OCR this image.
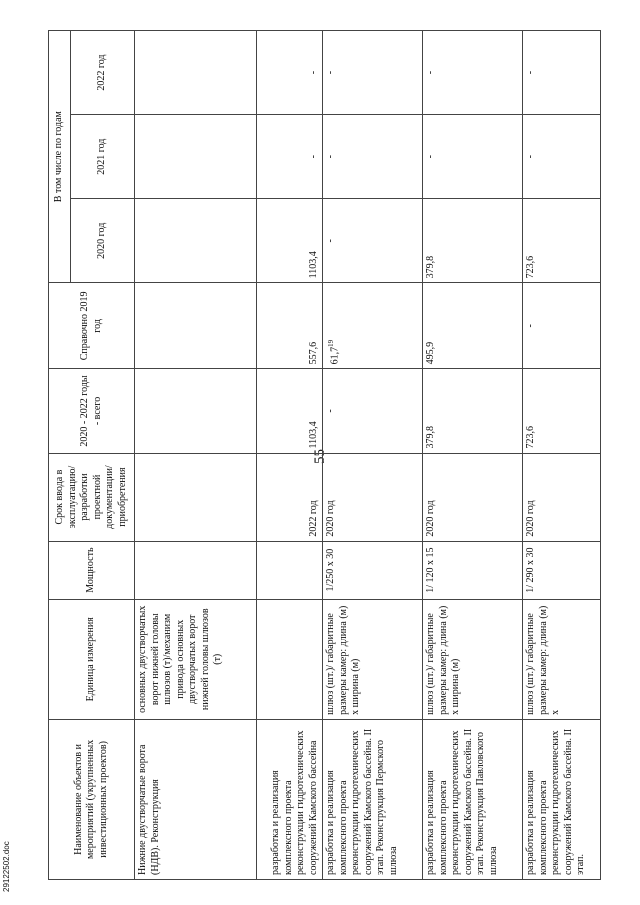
55
Наименование объектов и мероприятий (укрупненных инвестиционных проектов)	Единица измерения	Мощность	Срок ввода в эксплуатацию/ разработки проектной документации/ приобретения	2020 - 2022 годы - всего	Справочно 2019 год	В том числе по годам		
						2020 год	2021 год	2022 год
Нижние двустворчатые ворота (НДВ). Реконструкция	основных двустворчатых ворот нижней головы шлюзов (т)/механизм привода основных двустворчатых ворот нижней головы шлюзов (т)							
разработка и реализация комплексного проекта реконструкции гидротехнических сооружений Камского бассейна			2022 год	1103,4	557,6	1103,4	-	-
разработка и реализация комплексного проекта реконструкции гидротехнических сооружений Камского бассейна. II этап. Реконструкция Пермского шлюза	шлюз (шт.)/ габаритные размеры камер: длина (м) x ширина (м)	1/250 x 30	2020 год	-	61,7$^{19}$	-	-	-
разработка и реализация комплексного проекта реконструкции гидротехнических сооружений Камского бассейна. II этап. Реконструкция Павловского шлюза	шлюз (шт.)/ габаритные размеры камер: длина (м) x ширина (м)	1/ 120 x 15	2020 год	379,8	495,9	379,8	-	-
разработка и реализация комплексного проекта реконструкции гидротехнических сооружений Камского бассейна. II этап.	шлюз (шт.)/ габаритные размеры камер: длина (м) x	1/ 290 x 30	2020 год	723,6	-	723,6	-	-
29122502.doc
